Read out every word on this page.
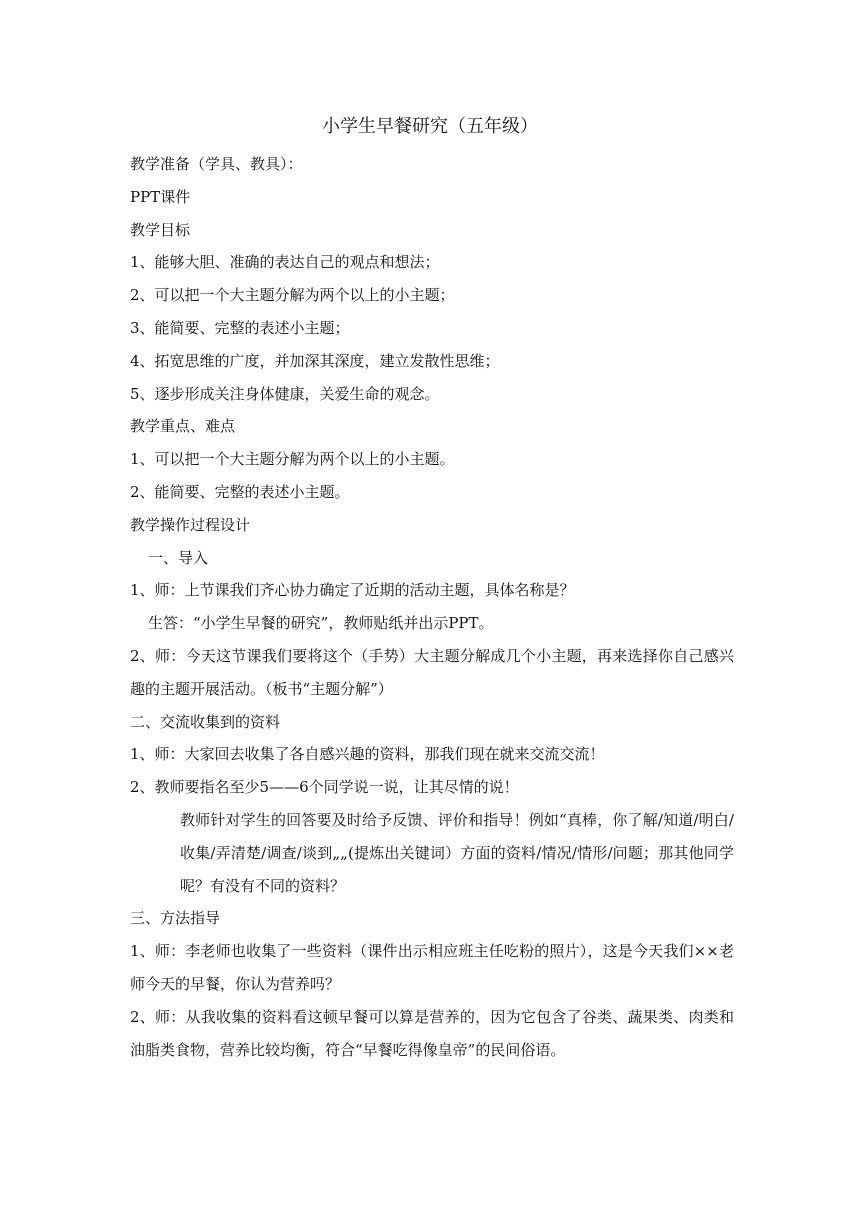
小学生早餐研究（五年级）

教学准备（学具、教具）：

PPT课件

教学目标

1、能够大胆、准确的表达自己的观点和想法；

2、可以把一个大主题分解为两个以上的小主题；

3、能简要、完整的表述小主题；

4、拓宽思维的广度，并加深其深度，建立发散性思维；

5、逐步形成关注身体健康，关爱生命的观念。

教学重点、难点

1、可以把一个大主题分解为两个以上的小主题。

2、能简要、完整的表述小主题。

教学操作过程设计

一、导入

1、师：上节课我们齐心协力确定了近期的活动主题，具体名称是？

生答：“小学生早餐的研究”，教师贴纸并出示PPT。

2、师：今天这节课我们要将这个（手势）大主题分解成几个小主题，再来选择你自己感兴趣的主题开展活动。（板书“主题分解”）

二、交流收集到的资料

1、师：大家回去收集了各自感兴趣的资料，那我们现在就来交流交流！

2、教师要指名至少5——6个同学说一说，让其尽情的说！

教师针对学生的回答要及时给予反馈、评价和指导！例如“真棒，你了解/知道/明白/收集/弄清楚/调查/谈到„„(提炼出关键词）方面的资料/情况/情形/问题；那其他同学呢？有没有不同的资料？

三、方法指导

1、师：李老师也收集了一些资料（课件出示相应班主任吃粉的照片），这是今天我们××老师今天的早餐，你认为营养吗？

2、师：从我收集的资料看这顿早餐可以算是营养的，因为它包含了谷类、蔬果类、肉类和油脂类食物，营养比较均衡，符合“早餐吃得像皇帝”的民间俗语。
